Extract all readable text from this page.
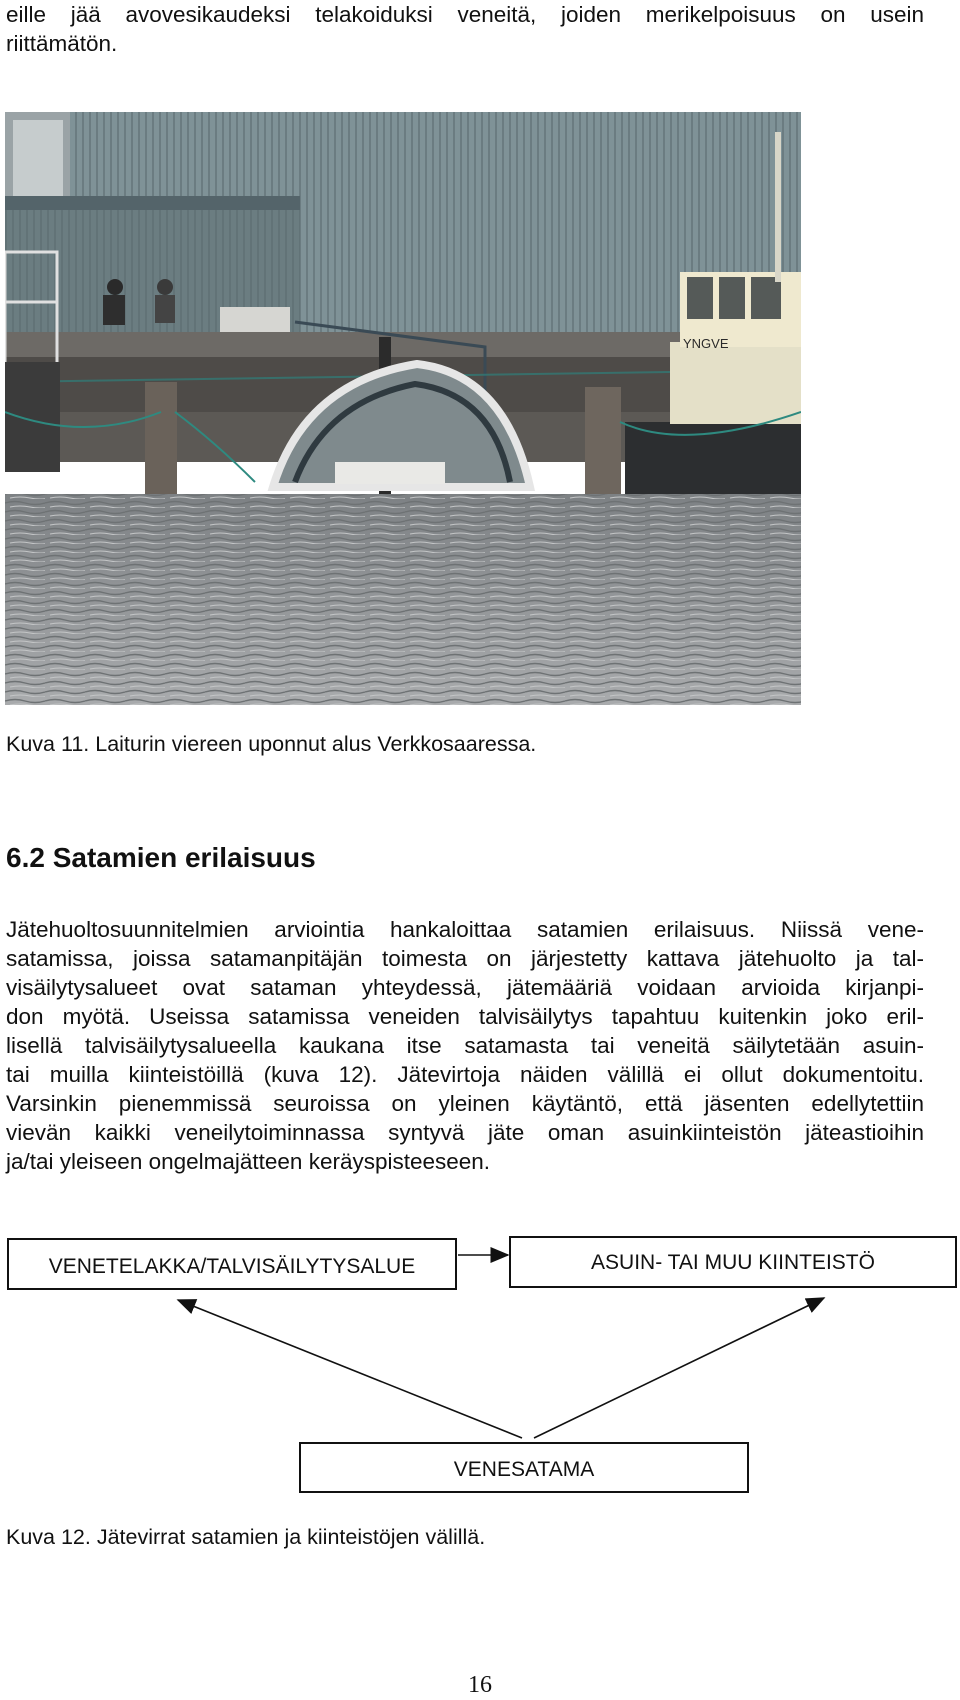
eille jää avovesikaudeksi telakoiduksi veneitä, joiden merikelpoisuus on usein
riittämätön.
YNGVE

Kuva 11. Laiturin viereen uponnut alus Verkkosaaressa.

6.2 Satamien erilaisuus
Jätehuoltosuunnitelmien arviointia hankaloittaa satamien erilaisuus. Niissä vene-
satamissa, joissa satamanpitäjän toimesta on järjestetty kattava jätehuolto ja tal-
visäilytysalueet ovat sataman yhteydessä, jätemääriä voidaan arvioida kirjanpi-
don myötä. Useissa satamissa veneiden talvisäilytys tapahtuu kuitenkin joko eril-
lisellä talvisäilytysalueella kaukana itse satamasta tai veneitä säilytetään asuin-
tai muilla kiinteistöillä (kuva 12). Jätevirtoja näiden välillä ei ollut dokumentoitu.
Varsinkin pienemmissä seuroissa on yleinen käytäntö, että jäsenten edellytettiin
vievän kaikki veneilytoiminnassa syntyvä jäte oman asuinkiinteistön jäteastioihin
ja/tai yleiseen ongelmajätteen keräyspisteeseen.
VENETELAKKA/TALVISÄILYTYSALUE	ASUIN- TAI MUU KIINTEISTÖ
VENESATAMA

Kuva 12. Jätevirrat satamien ja kiinteistöjen välillä.

16
